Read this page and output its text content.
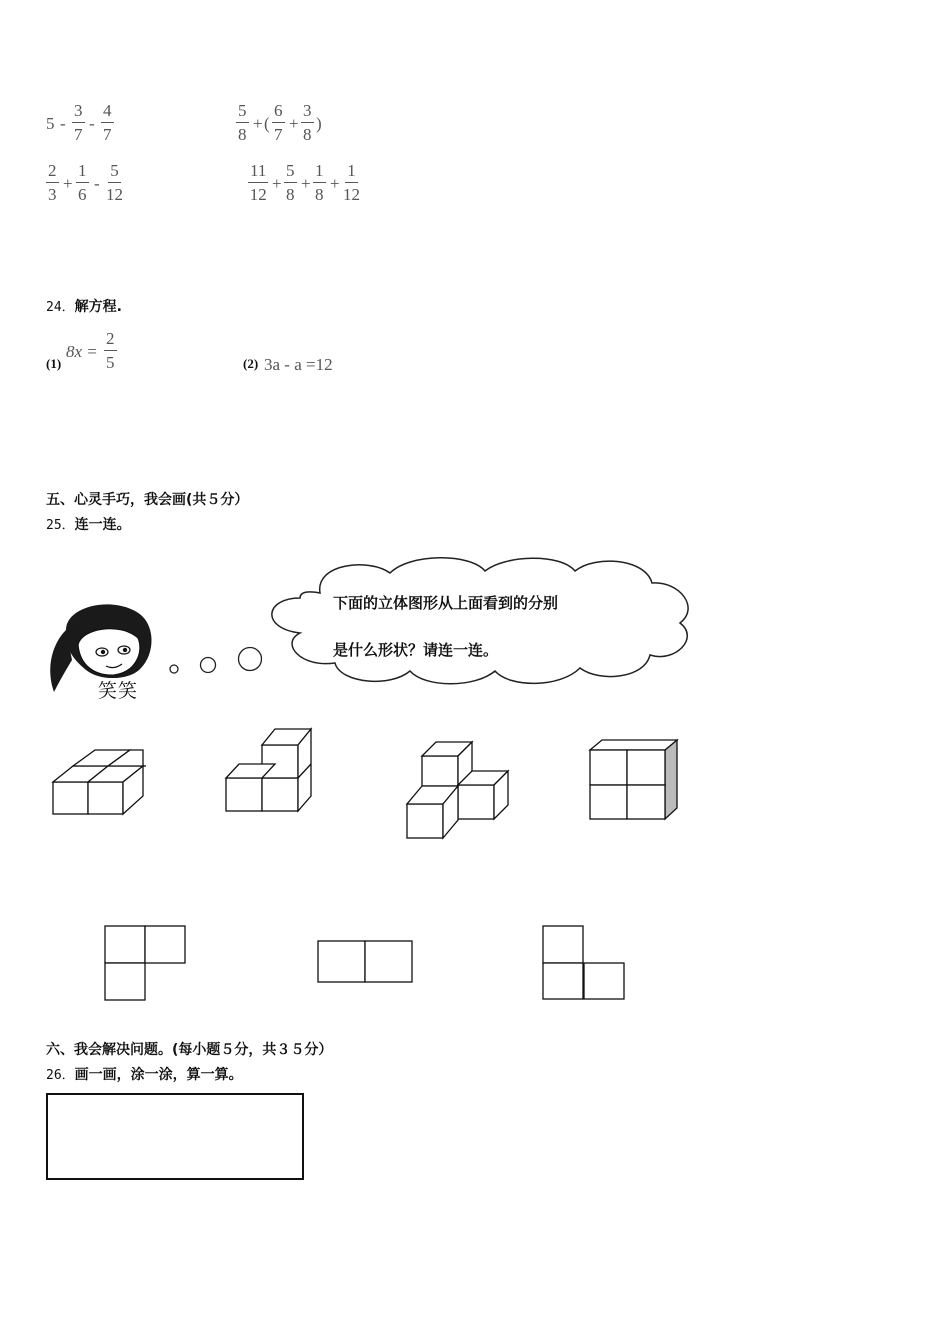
$5 - \frac{3}{7} - \frac{4}{7}$	$\frac{5}{8}$ + ( $\frac{6}{7} + \frac{3}{8}$ )
$\frac{2}{3} + \frac{1}{6} - \frac{5}{12}$	$\frac{11}{12} + \frac{5}{8} + \frac{1}{8} + \frac{1}{12}$
24．解方程.
(1)
$8x = \frac{2}{5}$	(2) 3a - a =12
五、心灵手巧，我会画(共５分）
25．连一连。
下面的立体图形从上面看到的分别
是什么形状？请连一连。
笑笑
六、我会解决问题。(每小题５分，共３５分）
26．画一画，涂一涂，算一算。
